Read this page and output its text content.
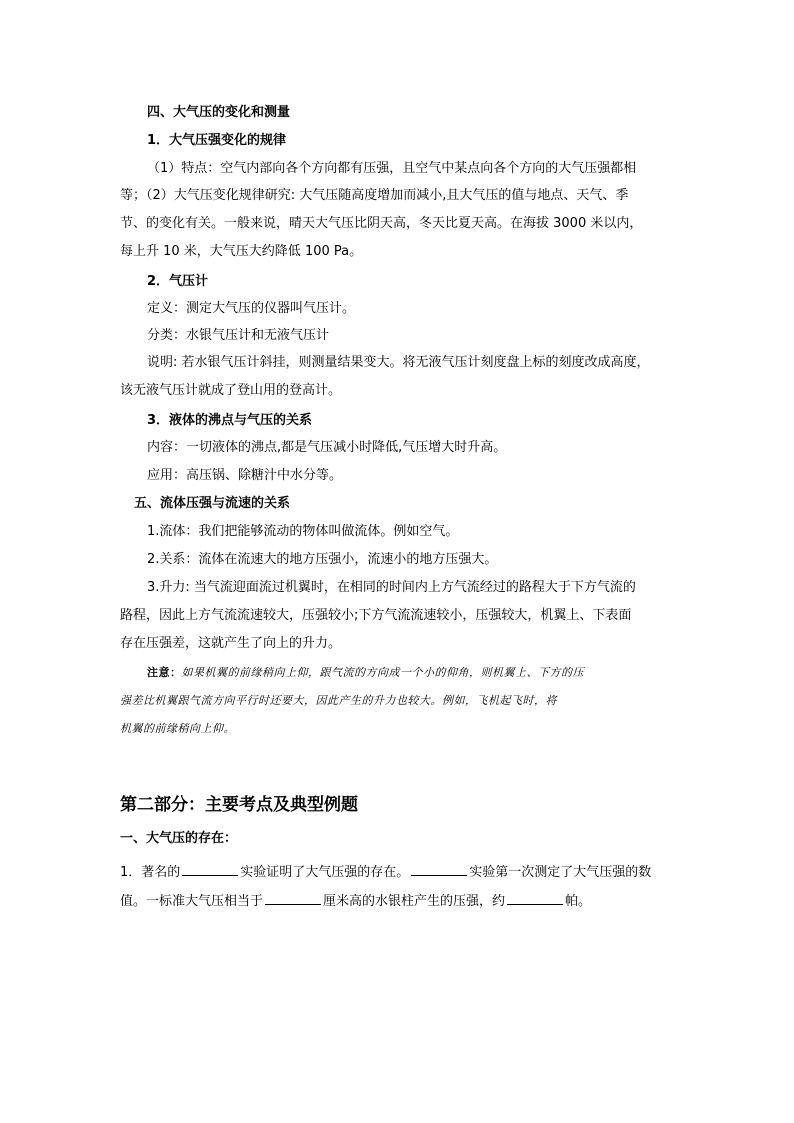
四、大气压的变化和测量
1．大气压强变化的规律
（1）特点：空气内部向各个方向都有压强，且空气中某点向各个方向的大气压强都相
等；（2）大气压变化规律研究: 大气压随高度增加而减小,且大气压的值与地点、天气、季
节、的变化有关。一般来说，晴天大气压比阴天高，冬天比夏天高。在海拔 3000 米以内，
每上升 10 米，大气压大约降低 100 Pa。
2．气压计
定义：测定大气压的仪器叫气压计。
分类：水银气压计和无液气压计
说明: 若水银气压计斜挂，则测量结果变大。将无液气压计刻度盘上标的刻度改成高度，
该无液气压计就成了登山用的登高计。
3．液体的沸点与气压的关系
内容：一切液体的沸点,都是气压减小时降低,气压增大时升高。
应用：高压锅、除糖汁中水分等。
五、流体压强与流速的关系
1.流体：我们把能够流动的物体叫做流体。例如空气。
2.关系：流体在流速大的地方压强小，流速小的地方压强大。
3.升力: 当气流迎面流过机翼时，在相同的时间内上方气流经过的路程大于下方气流的
路程，因此上方气流流速较大，压强较小;下方气流流速较小，压强较大，机翼上、下表面
存在压强差，这就产生了向上的升力。
注意：如果机翼的前缘稍向上仰，跟气流的方向成一个小的仰角，则机翼上、下方的压
强差比机翼跟气流方向平行时还要大，因此产生的升力也较大。例如，飞机起飞时，将
机翼的前缘稍向上仰。
第二部分：主要考点及典型例题
一、大气压的存在：
1．著名的	实验证明了大气压强的存在。	实验第一次测定了大气压强的数
值。一标准大气压相当于	厘米高的水银柱产生的压强，约	帕。
